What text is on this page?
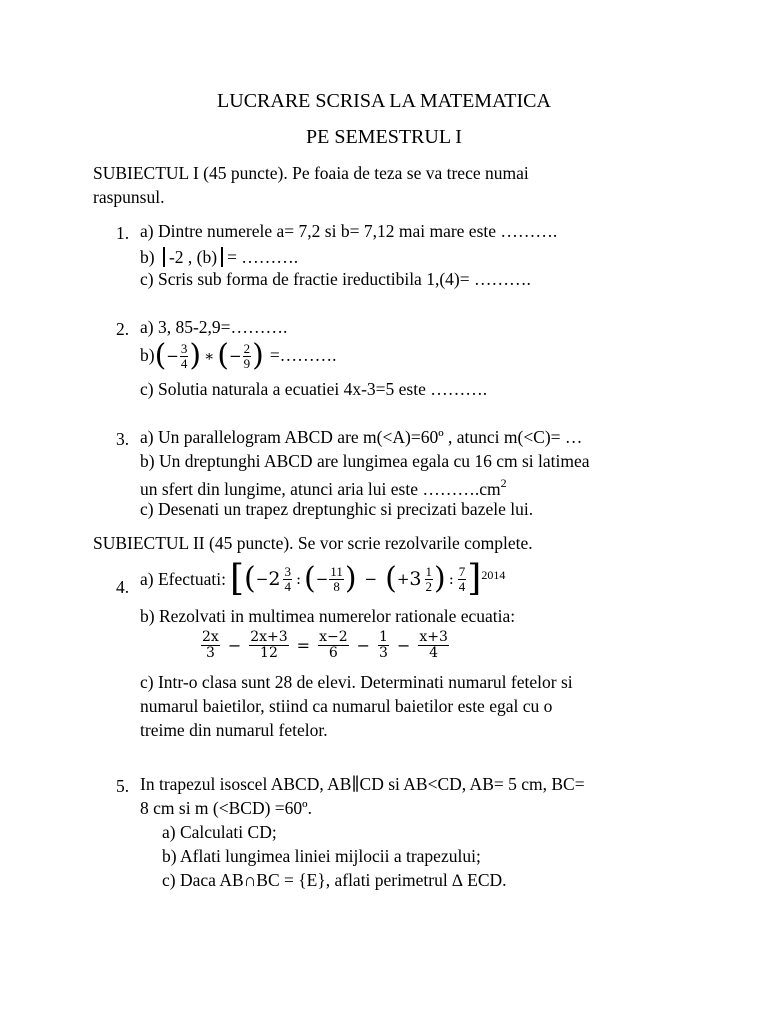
LUCRARE SCRISA LA MATEMATICA
PE SEMESTRUL I
SUBIECTUL I (45 puncte). Pe foaia de teza se va trece numai
raspunsul.
1. a) Dintre numerele a= 7,2 si b= 7,12 mai mare este ……….
b) -2 , (b) = ……….
c) Scris sub forma de fractie ireductibila 1,(4)= ……….
2. a) 3, 85-2,9=……….
b) ( − $\frac{3}{4}$ ) ∗ ( − $\frac{2}{9}$ ) =……….
c) Solutia naturala a ecuatiei 4x-3=5 este ……….
3. a) Un parallelogram ABCD are m(<A)=60º , atunci m(<C)= …
b) Un dreptunghi ABCD are lungimea egala cu 16 cm si latimea
un sfert din lungime, atunci aria lui este $\dots\dots\dots.cm^2$
c) Desenati un trapez dreptunghic si precizati bazele lui.
SUBIECTUL II (45 puncte). Se vor scrie rezolvarile complete.
4. a) Efectuati: [ ( − $2 \frac{3}{4}$ : ( − $\frac{11}{8}$ ) − ( + $3 \frac{1}{2}$ ) : $\frac{7}{4}$ ] 2014
b) Rezolvati in multimea numerelor rationale ecuatia:
$\frac{2x}{3} - \frac{2x+3}{12} = \frac{x-2}{6} - \frac{1}{3} - \frac{x+3}{4}$
c) Intr-o clasa sunt 28 de elevi. Determinati numarul fetelor si
numarul baietilor, stiind ca numarul baietilor este egal cu o
treime din numarul fetelor.
5. In trapezul isoscel ABCD, AB∥CD si AB<CD, AB= 5 cm, BC=
8 cm si m (<BCD) =60º.
a) Calculati CD;
b) Aflati lungimea liniei mijlocii a trapezului;
c) Daca AB∩BC = {E}, aflati perimetrul ∆ ECD.
